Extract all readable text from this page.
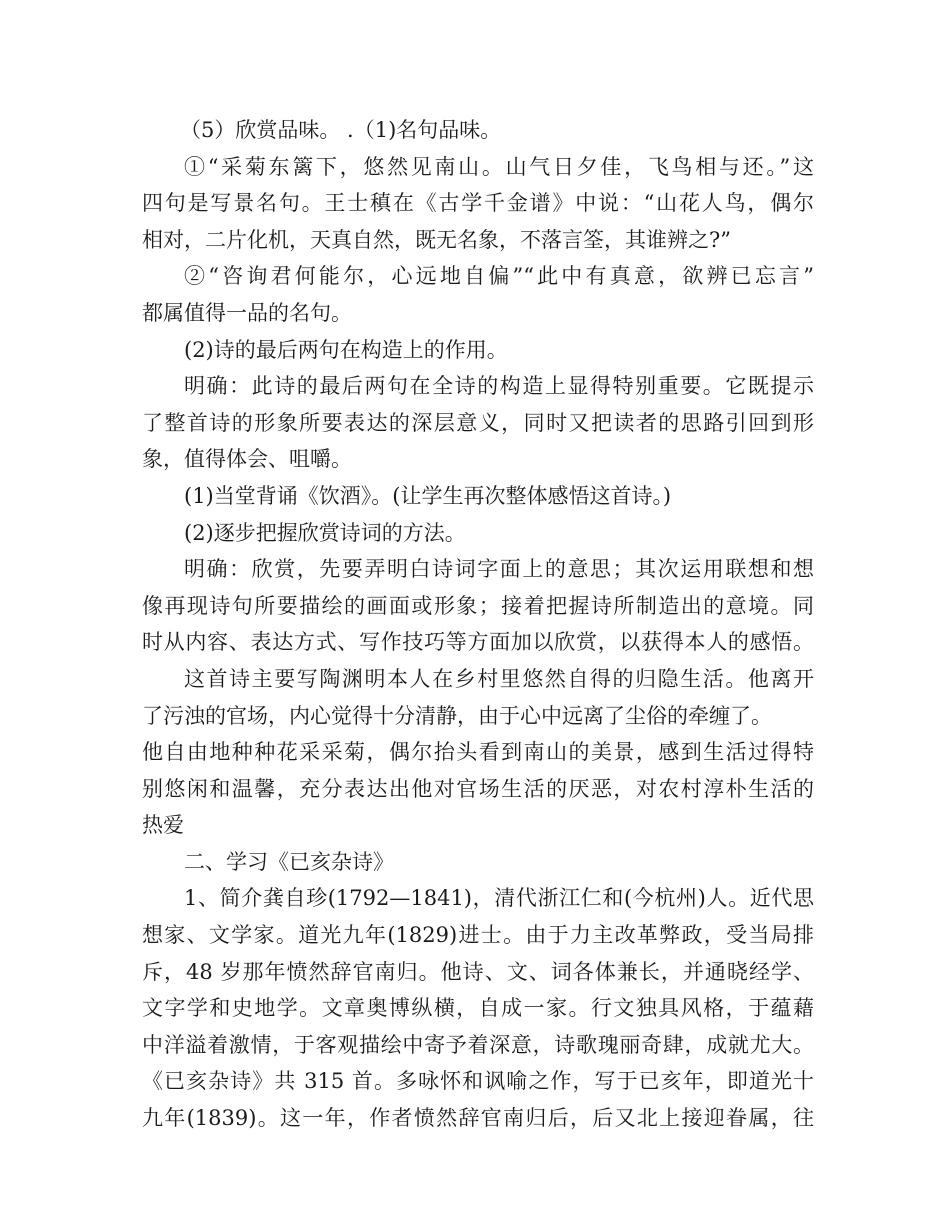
（5）欣赏品味。 .（1)名句品味。
①“采菊东篱下，悠然见南山。山气日夕佳，飞鸟相与还。”这
四句是写景名句。王士稹在《古学千金谱》中说：“山花人鸟，偶尔
相对，二片化机，天真自然，既无名象，不落言筌，其谁辨之?”
②“咨询君何能尔，心远地自偏”“此中有真意，欲辨已忘言”
都属值得一品的名句。
(2)诗的最后两句在构造上的作用。
明确：此诗的最后两句在全诗的构造上显得特别重要。它既提示
了整首诗的形象所要表达的深层意义，同时又把读者的思路引回到形
象，值得体会、咀嚼。
(1)当堂背诵《饮酒》。(让学生再次整体感悟这首诗。)
(2)逐步把握欣赏诗词的方法。
明确：欣赏，先要弄明白诗词字面上的意思；其次运用联想和想
像再现诗句所要描绘的画面或形象；接着把握诗所制造出的意境。同
时从内容、表达方式、写作技巧等方面加以欣赏，以获得本人的感悟。
这首诗主要写陶渊明本人在乡村里悠然自得的归隐生活。他离开
了污浊的官场，内心觉得十分清静，由于心中远离了尘俗的牵缠了。
他自由地种种花采采菊，偶尔抬头看到南山的美景，感到生活过得特
别悠闲和温馨，充分表达出他对官场生活的厌恶，对农村淳朴生活的
热爱
二、学习《已亥杂诗》
1、简介龚自珍(1792—1841)，清代浙江仁和(今杭州)人。近代思
想家、文学家。道光九年(1829)进士。由于力主改革弊政，受当局排
斥，48 岁那年愤然辞官南归。他诗、文、词各体兼长，并通晓经学、
文字学和史地学。文章奥博纵横，自成一家。行文独具风格，于蕴藉
中洋溢着激情，于客观描绘中寄予着深意，诗歌瑰丽奇肆，成就尤大。
《已亥杂诗》共 315 首。多咏怀和讽喻之作，写于已亥年，即道光十
九年(1839)。这一年，作者愤然辞官南归后，后又北上接迎眷属，往
